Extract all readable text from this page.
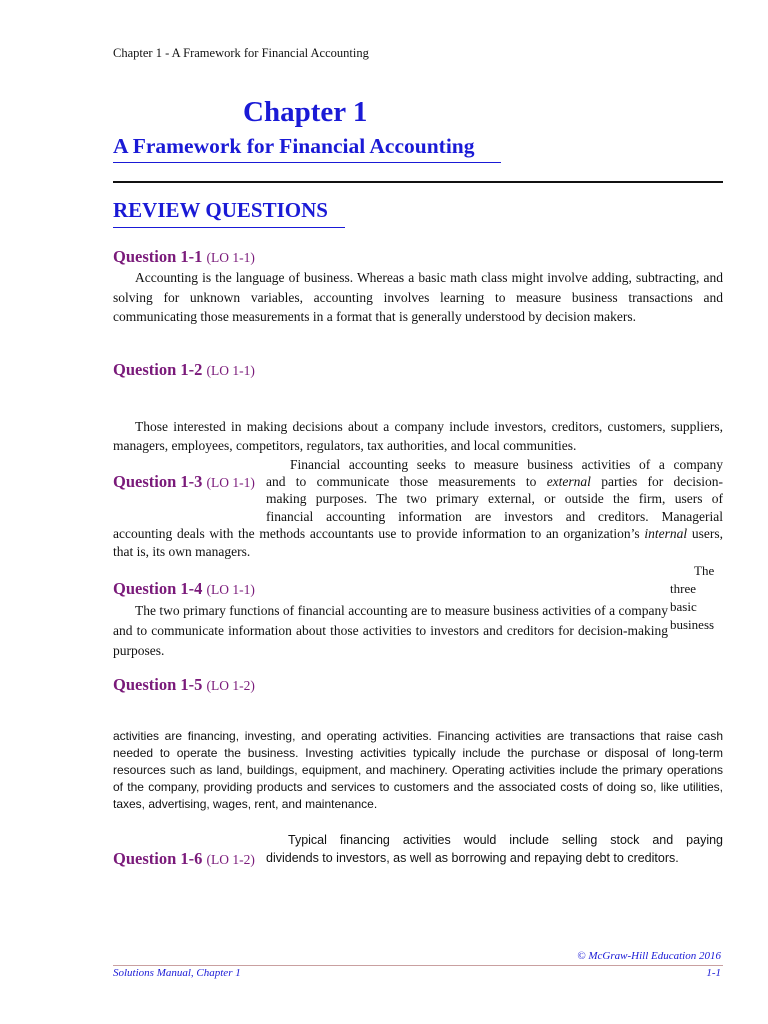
Chapter 1 - A Framework for Financial Accounting
Chapter 1
A Framework for Financial Accounting
REVIEW QUESTIONS
Question 1-1 (LO 1-1)

Accounting is the language of business. Whereas a basic math class might involve adding, subtracting, and solving for unknown variables, accounting involves learning to measure business transactions and communicating those measurements in a format that is generally understood by decision makers.

Question 1-2 (LO 1-1)

Those interested in making decisions about a company include investors, creditors, customers, suppliers, managers, employees, competitors, regulators, tax authorities, and local communities.

Question 1-3 (LO 1-1)
Financial accounting seeks to measure business activities of a company
and to communicate those measurements to external parties for decision-
making purposes. The two primary external, or outside the firm, users of
financial accounting information are investors and creditors. Managerial

accounting deals with the methods accountants use to provide information to an organization’s internal users, that is, its own managers.

The
three
basic
business
Question 1-4 (LO 1-1)

The two primary functions of financial accounting are to measure business activities of a company and to communicate information about those activities to investors and creditors for decision-making purposes.

Question 1-5 (LO 1-2)

activities are financing, investing, and operating activities. Financing activities are transactions that raise cash needed to operate the business. Investing activities typically include the purchase or disposal of long-term resources such as land, buildings, equipment, and machinery. Operating activities include the primary operations of the company, providing products and services to customers and the associated costs of doing so, like utilities, taxes, advertising, wages, rent, and maintenance.

Question 1-6 (LO 1-2)
Typical financing activities would include selling stock and paying
dividends to investors, as well as borrowing and repaying debt to creditors.
© McGraw-Hill Education 2016
Solutions Manual, Chapter 1	1-1
